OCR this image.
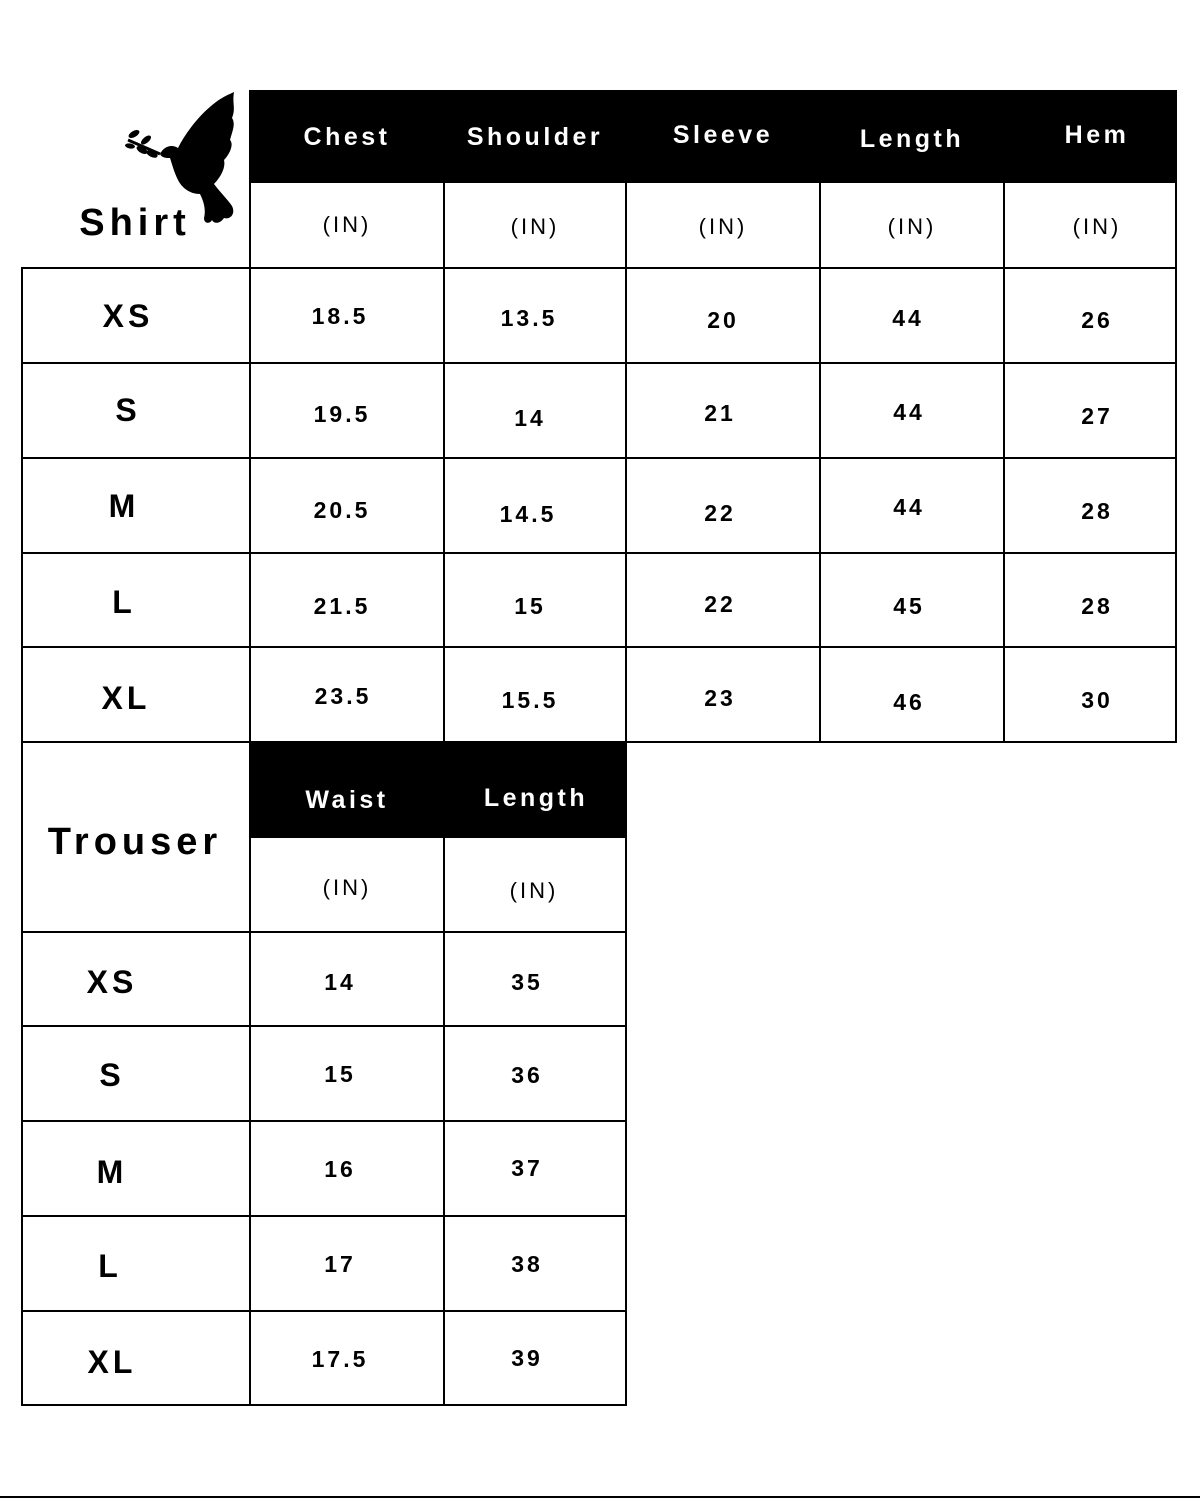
Shirt
Trouser
Chest	Shoulder	Sleeve	Length	Hem
(IN)	(IN)	(IN)	(IN)	(IN)
XS	18.5	13.5	20	44	26
S	19.5	14	21	44	27
M	20.5	14.5	22	44	28
L	21.5	15	22	45	28
XL	23.5	15.5	23	46	30
Waist	Length
(IN)	(IN)
XS	14	35
S	15	36
M	16	37
L	17	38
XL	17.5	39
